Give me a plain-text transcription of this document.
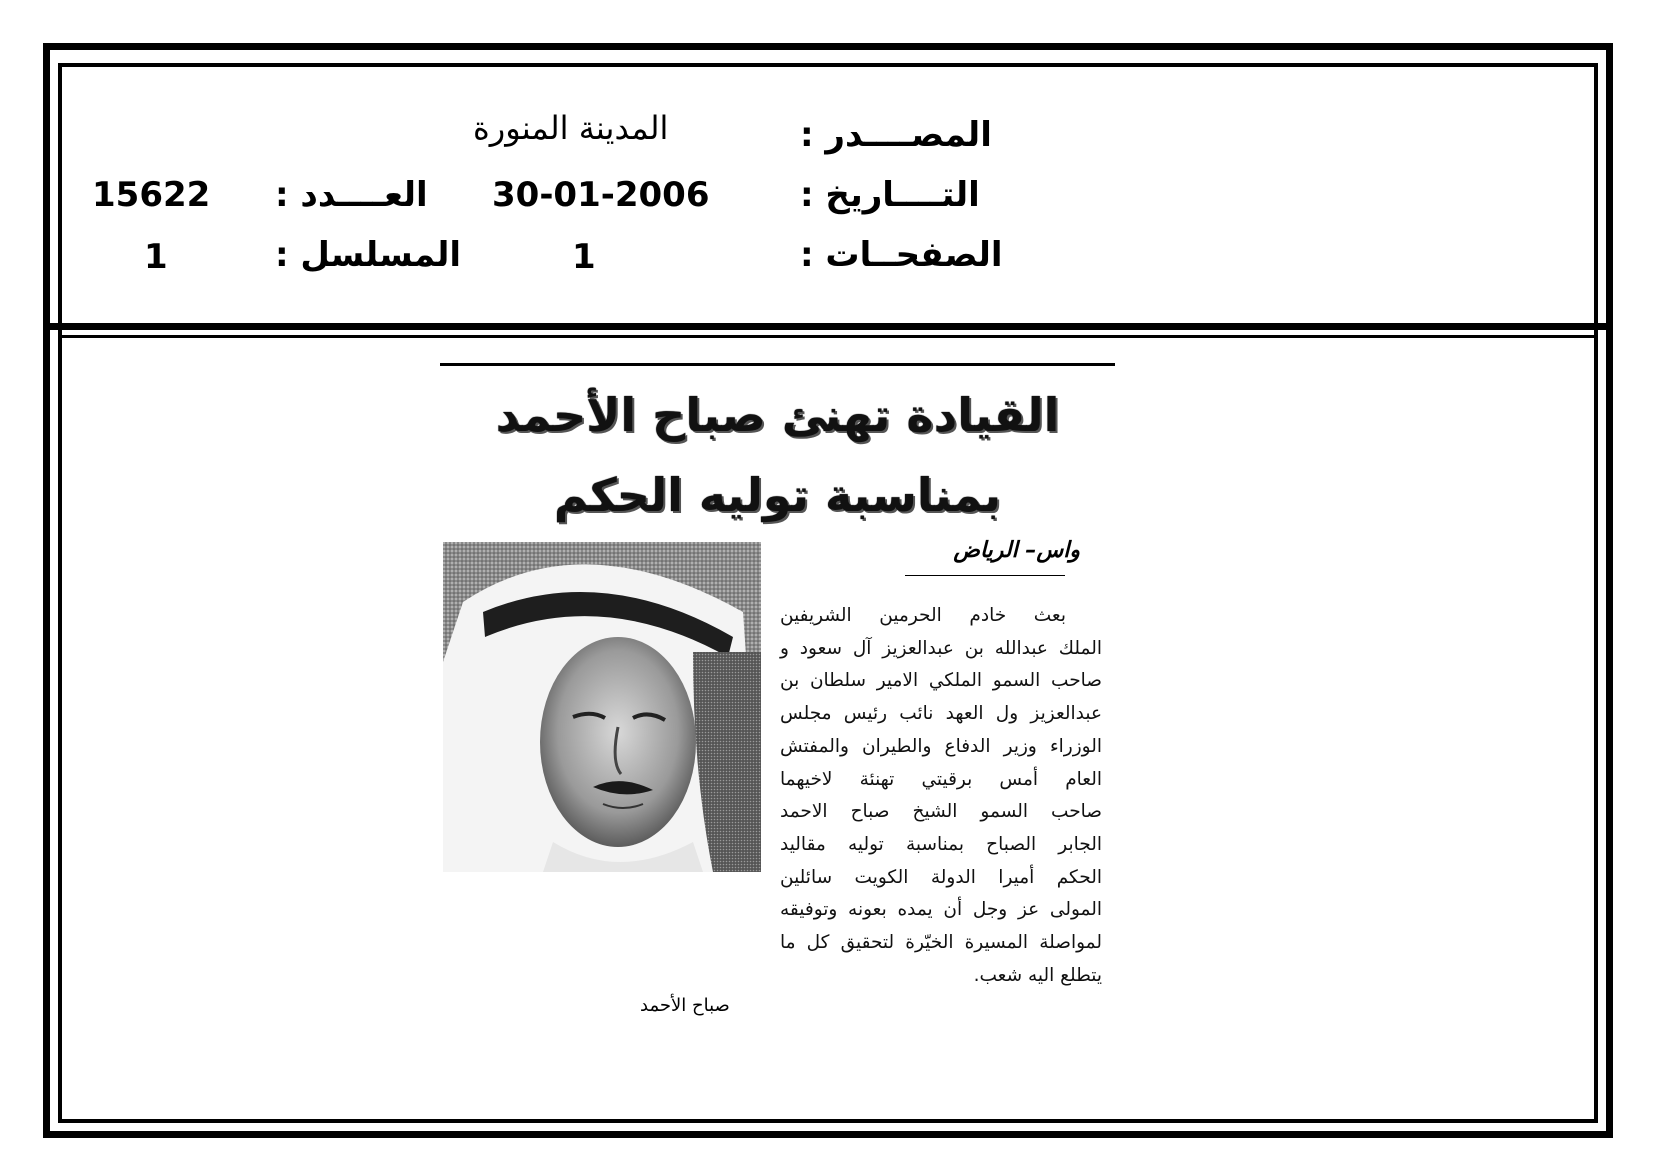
المصــــدر :
المدينة المنورة
التــــاريخ :
30-01-2006
العــــدد :
15622
الصفحــات :
1
المسلسل :
1
القيادة تهنئ صباح الأحمد
بمناسبة توليه الحكم
واس– الرياض
بعث خادم الحرمين الشريفين
الملك عبدالله بن عبدالعزيز آل سعود و
صاحب السمو الملكي الامير سلطان بن
عبدالعزيز ول العهد نائب رئيس مجلس
الوزراء وزير الدفاع والطيران والمفتش
العام أمس برقيتي تهنئة لاخيهما
صاحب السمو الشيخ صباح الاحمد
الجابر الصباح بمناسبة توليه مقاليد
الحكم أميرا الدولة الكويت سائلين
المولى عز وجل أن يمده بعونه وتوفيقه
لمواصلة المسيرة الخيّرة لتحقيق كل ما
يتطلع اليه شعب.
صباح الأحمد
